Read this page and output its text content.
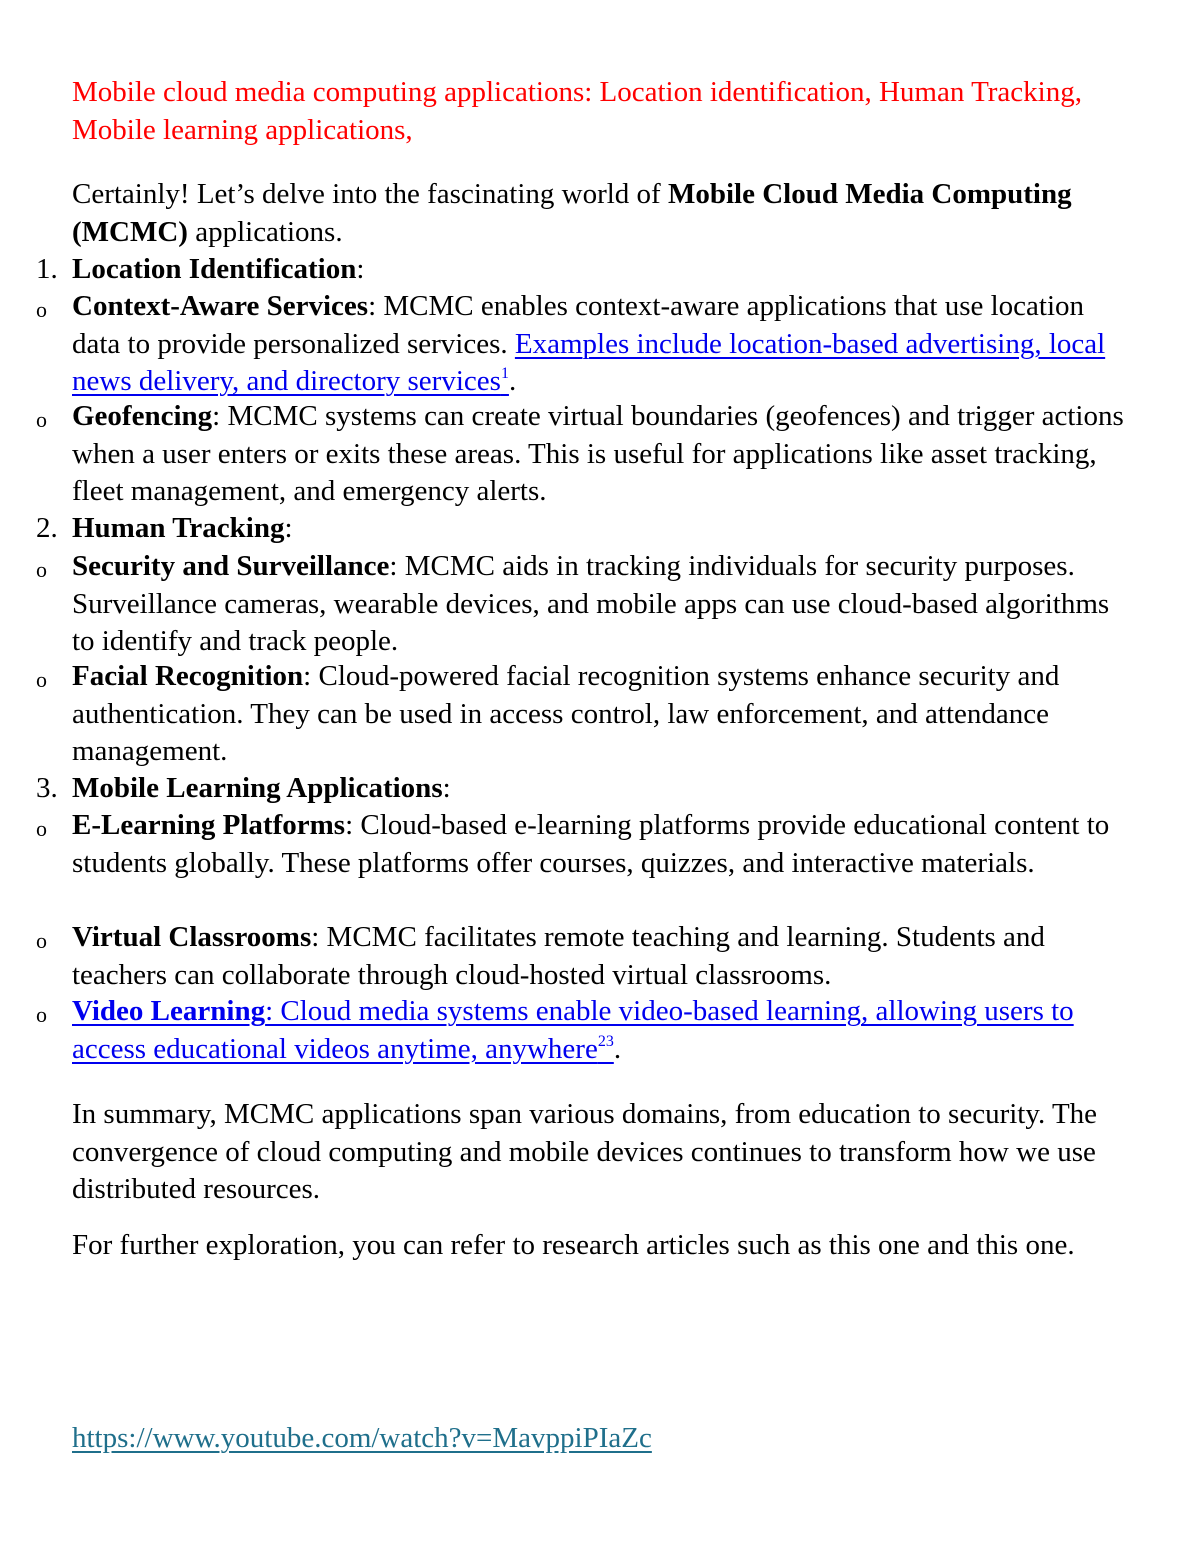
Mobile cloud media computing applications: Location identification, Human Tracking, Mobile learning applications,

Certainly! Let’s delve into the fascinating world of Mobile Cloud Media Computing (MCMC) applications.

1. Location Identification:

o Context-Aware Services: MCMC enables context-aware applications that use location data to provide personalized services. Examples include location-based advertising, local news delivery, and directory services$^1$.

o Geofencing: MCMC systems can create virtual boundaries (geofences) and trigger actions when a user enters or exits these areas. This is useful for applications like asset tracking, fleet management, and emergency alerts.

2. Human Tracking:

o Security and Surveillance: MCMC aids in tracking individuals for security purposes. Surveillance cameras, wearable devices, and mobile apps can use cloud-based algorithms to identify and track people.

o Facial Recognition: Cloud-powered facial recognition systems enhance security and authentication. They can be used in access control, law enforcement, and attendance management.

3. Mobile Learning Applications:

o E-Learning Platforms: Cloud-based e-learning platforms provide educational content to students globally. These platforms offer courses, quizzes, and interactive materials.

o Virtual Classrooms: MCMC facilitates remote teaching and learning. Students and teachers can collaborate through cloud-hosted virtual classrooms.

o Video Learning: Cloud media systems enable video-based learning, allowing users to access educational videos anytime, anywhere$^{23}$.

In summary, MCMC applications span various domains, from education to security. The convergence of cloud computing and mobile devices continues to transform how we use distributed resources.

For further exploration, you can refer to research articles such as this one and this one.

https://www.youtube.com/watch?v=MavppiPIaZc
